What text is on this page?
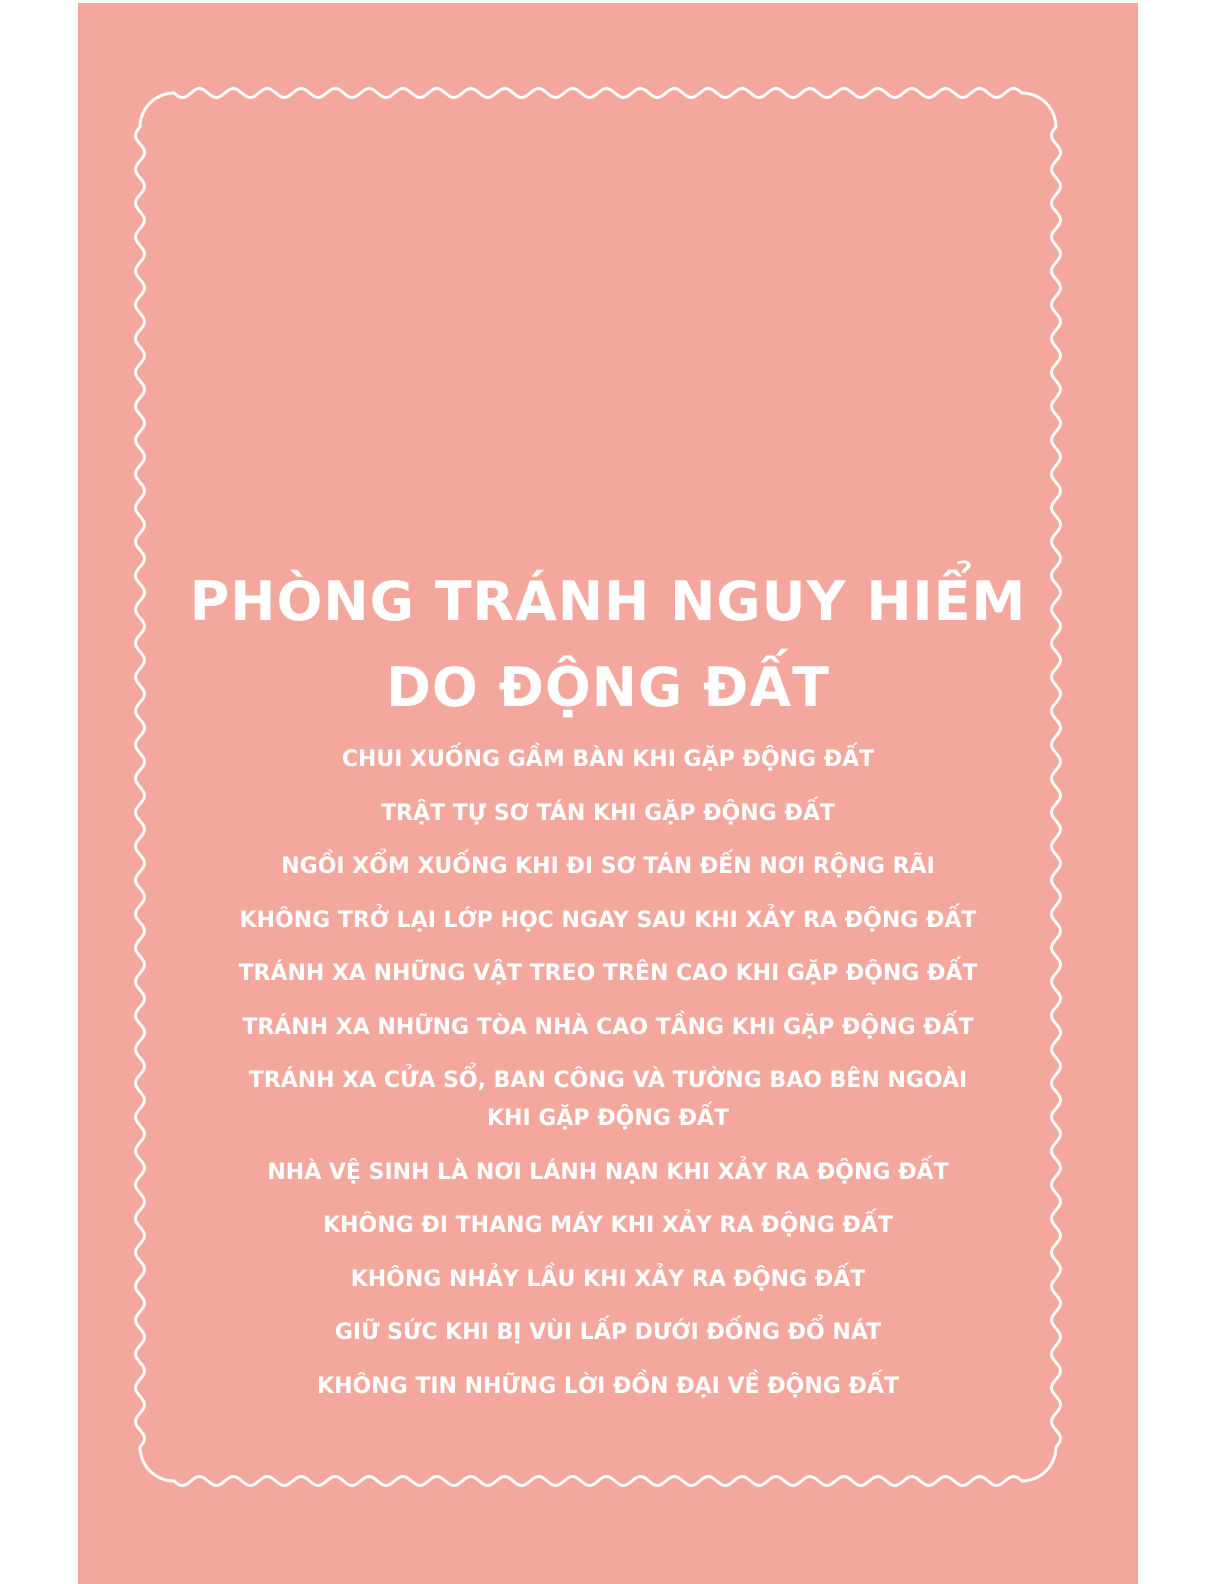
PHÒNG TRÁNH NGUY HIỂM
DO ĐỘNG ĐẤT
CHUI XUỐNG GẦM BÀN KHI GẶP ĐỘNG ĐẤT
TRẬT TỰ SƠ TÁN KHI GẶP ĐỘNG ĐẤT
NGỒI XỔM XUỐNG KHI ĐI SƠ TÁN ĐẾN NƠI RỘNG RÃI
KHÔNG TRỞ LẠI LỚP HỌC NGAY SAU KHI XẢY RA ĐỘNG ĐẤT
TRÁNH XA NHỮNG VẬT TREO TRÊN CAO KHI GẶP ĐỘNG ĐẤT
TRÁNH XA NHỮNG TÒA NHÀ CAO TẦNG KHI GẶP ĐỘNG ĐẤT
TRÁNH XA CỬA SỔ, BAN CÔNG VÀ TƯỜNG BAO BÊN NGOÀI KHI GẶP ĐỘNG ĐẤT
NHÀ VỆ SINH LÀ NƠI LÁNH NẠN KHI XẢY RA ĐỘNG ĐẤT
KHÔNG ĐI THANG MÁY KHI XẢY RA ĐỘNG ĐẤT
KHÔNG NHẢY LẦU KHI XẢY RA ĐỘNG ĐẤT
GIỮ SỨC KHI BỊ VÙI LẤP DƯỚI ĐỐNG ĐỔ NÁT
KHÔNG TIN NHỮNG LỜI ĐỒN ĐẠI VỀ ĐỘNG ĐẤT
